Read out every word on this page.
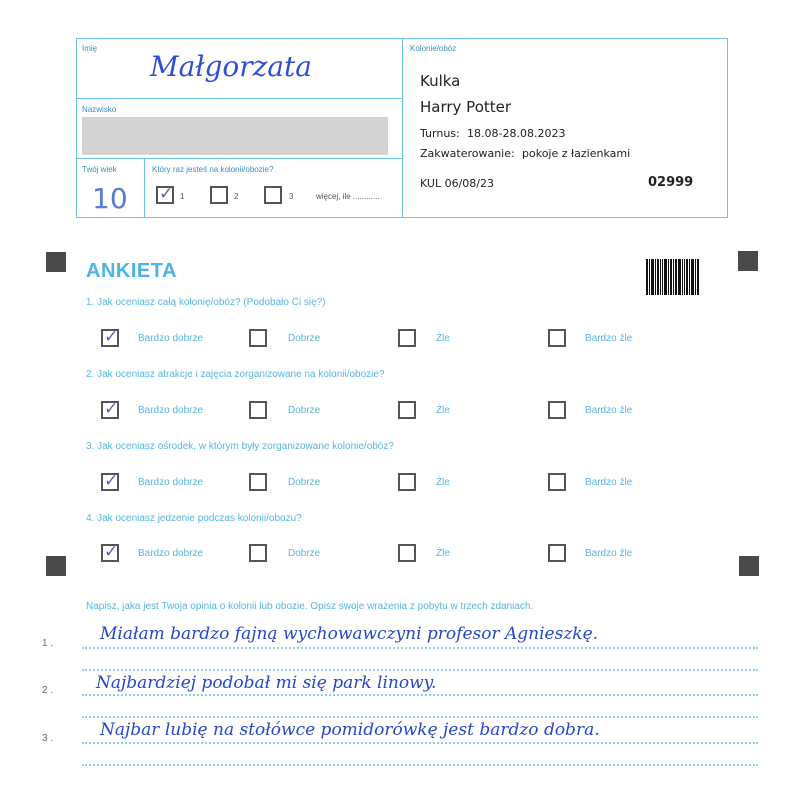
Imię
Małgorzata
Nazwisko
Twój wiek
10
Który raz jesteś na kolonii/obozie?
✓ 1	2	3	więcej, ile ............
Kolonie/obóz
Kulka
Harry Potter
Turnus: 18.08-28.08.2023
Zakwaterowanie: pokoje z łazienkami
KUL 06/08/23	02999
ANKIETA
1. Jak oceniasz całą kolonię/obóz? (Podobało Ci się?)
✓ Bardzo dobrze	Dobrze	Źle	Bardzo źle
2. Jak oceniasz atrakcje i zajęcia zorganizowane na kolonii/obozie?
✓ Bardzo dobrze	Dobrze	Źle	Bardzo źle
3. Jak oceniasz ośrodek, w którym były zorganizowane kolonie/obóz?
✓ Bardzo dobrze	Dobrze	Źle	Bardzo źle
4. Jak oceniasz jedzenie podczas kolonii/obozu?
✓ Bardzo dobrze	Dobrze	Źle	Bardzo źle
Napisz, jaka jest Twoja opinia o kolonii lub obozie. Opisz swoje wrażenia z pobytu w trzech zdaniach.
1 .	Miałam bardzo fajną wychowawczyni profesor Agnieszkę.
2 .	Najbardziej podobał mi się park linowy.
3 .	Najbar lubię na stołówce pomidorówkę jest bardzo dobra.
